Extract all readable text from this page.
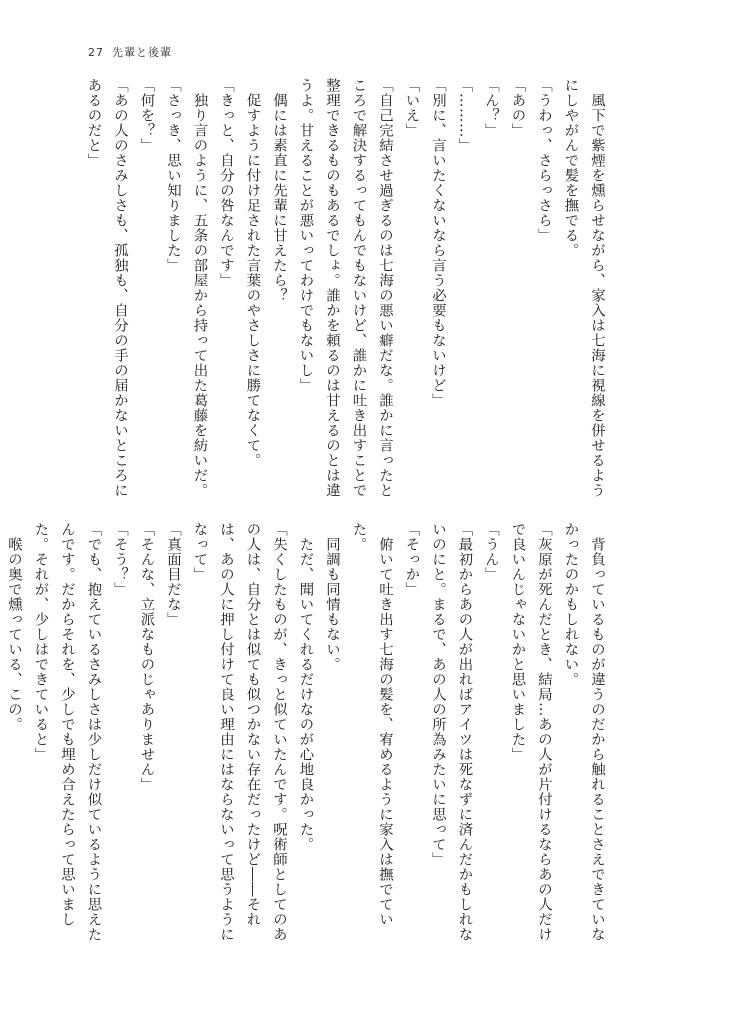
27 先輩と後輩

　風下で紫煙を燻らせながら、家入は七海に視線を併せるようにしやがんで髪を撫でる。

「うわっ、さらっさら」

「あの」

「ん？」

「………」

「別に、言いたくないなら言う必要もないけど」

「いえ」

「自己完結させ過ぎるのは七海の悪い癖だな。誰かに言ったところで解決するってもんでもないけど、誰かに吐き出すことで整理できるものもあるでしょ。誰かを頼るのは甘えるのとは違うよ。甘えることが悪いってわけでもないし」

　偶には素直に先輩に甘えたら？

　促すように付け足された言葉のやさしさに勝てなくて。

「きっと、自分の咎なんです」

　独り言のように、五条の部屋から持って出た葛藤を紡いだ。

「さっき、思い知りました」

「何を？」

「あの人のさみしさも、孤独も、自分の手の届かないところにあるのだと」

　背負っているものが違うのだから触れることさえできていなかったのかもしれない。

「灰原が死んだとき、結局…あの人が片付けるならあの人だけで良いんじゃないかと思いました」

「うん」

「最初からあの人が出ればアイツは死なずに済んだかもしれないのにと。まるで、あの人の所為みたいに思って」

「そっか」

　俯いて吐き出す七海の髪を、宥めるように家入は撫でていた。

　同調も同情もない。

　ただ、聞いてくれるだけなのが心地良かった。

「失くしたものが、きっと似ていたんです。呪術師としてのあの人は、自分とは似ても似つかない存在だったけど――それは、あの人に押し付けて良い理由にはならないって思うようになって」

「真面目だな」

「そんな、立派なものじゃありません」

「そう？」

「でも、抱えているさみしさは少しだけ似ているように思えたんです。だからそれを、少しでも埋め合えたらって思いました。それが、少しはできていると」

　喉の奥で燻っている、この。
